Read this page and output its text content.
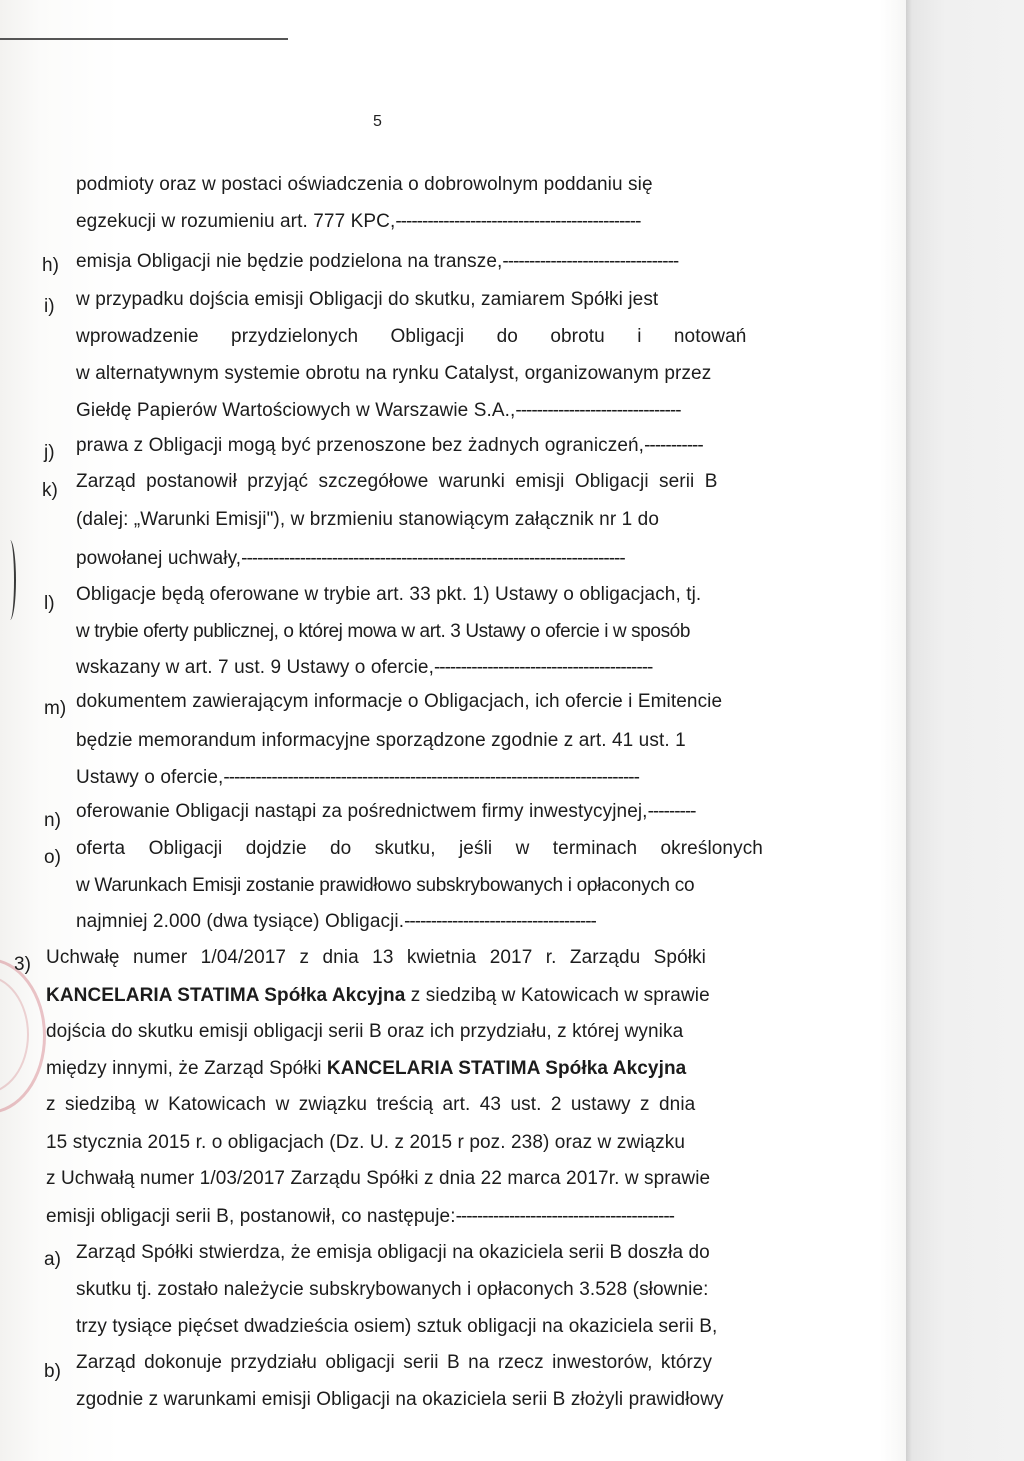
5
podmioty oraz w postaci oświadczenia o dobrowolnym poddaniu się
egzekucji w rozumieniu art. 777 KPC,----------------------------------------------
h) emisja Obligacji nie będzie podzielona na transze,---------------------------------
i) w przypadku dojścia emisji Obligacji do skutku, zamiarem Spółki jest
wprowadzenie przydzielonych Obligacji do obrotu i notowań
w alternatywnym systemie obrotu na rynku Catalyst, organizowanym przez
Giełdę Papierów Wartościowych w Warszawie S.A.,-------------------------------
j) prawa z Obligacji mogą być przenoszone bez żadnych ograniczeń,-----------
k) Zarząd postanowił przyjąć szczegółowe warunki emisji Obligacji serii B
(dalej: „Warunki Emisji"), w brzmieniu stanowiącym załącznik nr 1 do
powołanej uchwały,------------------------------------------------------------------------
l) Obligacje będą oferowane w trybie art. 33 pkt. 1) Ustawy o obligacjach, tj.
w trybie oferty publicznej, o której mowa w art. 3 Ustawy o ofercie i w sposób
wskazany w art. 7 ust. 9 Ustawy o ofercie,-----------------------------------------
m) dokumentem zawierającym informacje o Obligacjach, ich ofercie i Emitencie
będzie memorandum informacyjne sporządzone zgodnie z art. 41 ust. 1
Ustawy o ofercie,------------------------------------------------------------------------------
n) oferowanie Obligacji nastąpi za pośrednictwem firmy inwestycyjnej,---------
o) oferta Obligacji dojdzie do skutku, jeśli w terminach określonych
w Warunkach Emisji zostanie prawidłowo subskrybowanych i opłaconych co
najmniej 2.000 (dwa tysiące) Obligacji.------------------------------------
3) Uchwałę numer 1/04/2017 z dnia 13 kwietnia 2017 r. Zarządu Spółki
KANCELARIA STATIMA Spółka Akcyjna z siedzibą w Katowicach w sprawie
dojścia do skutku emisji obligacji serii B oraz ich przydziału, z której wynika
między innymi, że Zarząd Spółki KANCELARIA STATIMA Spółka Akcyjna
z siedzibą w Katowicach w związku treścią art. 43 ust. 2 ustawy z dnia
15 stycznia 2015 r. o obligacjach (Dz. U. z 2015 r poz. 238) oraz w związku
z Uchwałą numer 1/03/2017 Zarządu Spółki z dnia 22 marca 2017r. w sprawie
emisji obligacji serii B, postanowił, co następuje:-----------------------------------------
a) Zarząd Spółki stwierdza, że emisja obligacji na okaziciela serii B doszła do
skutku tj. zostało należycie subskrybowanych i opłaconych 3.528 (słownie:
trzy tysiące pięćset dwadzieścia osiem) sztuk obligacji na okaziciela serii B,
b) Zarząd dokonuje przydziału obligacji serii B na rzecz inwestorów, którzy
zgodnie z warunkami emisji Obligacji na okaziciela serii B złożyli prawidłowy
